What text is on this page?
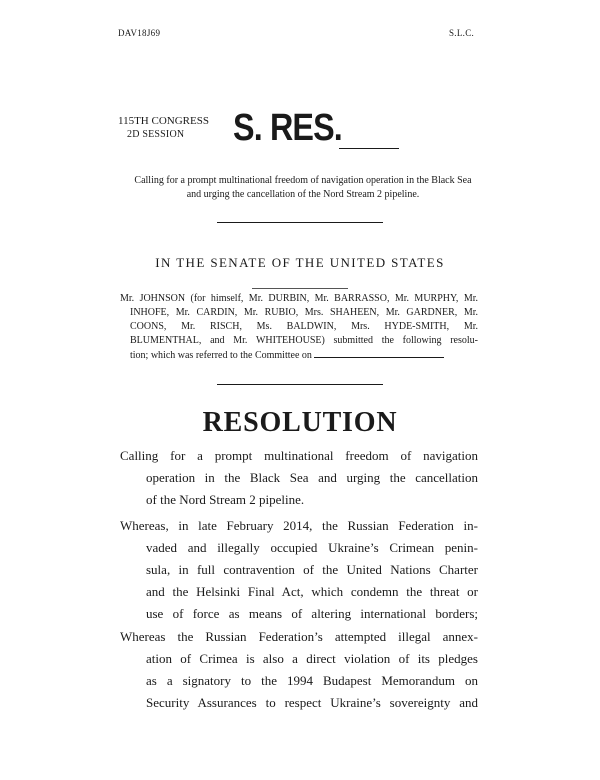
DAV18J69	S.L.C.
115TH CONGRESS
2D SESSION	S. RES.
Calling for a prompt multinational freedom of navigation operation in the Black Sea and urging the cancellation of the Nord Stream 2 pipeline.
IN THE SENATE OF THE UNITED STATES
Mr. JOHNSON (for himself, Mr. DURBIN, Mr. BARRASSO, Mr. MURPHY, Mr.
INHOFE, Mr. CARDIN, Mr. RUBIO, Mrs. SHAHEEN, Mr. GARDNER, Mr.
COONS, Mr. RISCH, Ms. BALDWIN, Mrs. HYDE-SMITH, Mr.
BLUMENTHAL, and Mr. WHITEHOUSE) submitted the following resolu-
tion; which was referred to the Committee on
RESOLUTION
Calling for a prompt multinational freedom of navigation
operation in the Black Sea and urging the cancellation
of the Nord Stream 2 pipeline.
Whereas, in late February 2014, the Russian Federation in-
vaded and illegally occupied Ukraine’s Crimean penin-
sula, in full contravention of the United Nations Charter
and the Helsinki Final Act, which condemn the threat or
use of force as means of altering international borders;
Whereas the Russian Federation’s attempted illegal annex-
ation of Crimea is also a direct violation of its pledges
as a signatory to the 1994 Budapest Memorandum on
Security Assurances to respect Ukraine’s sovereignty and
